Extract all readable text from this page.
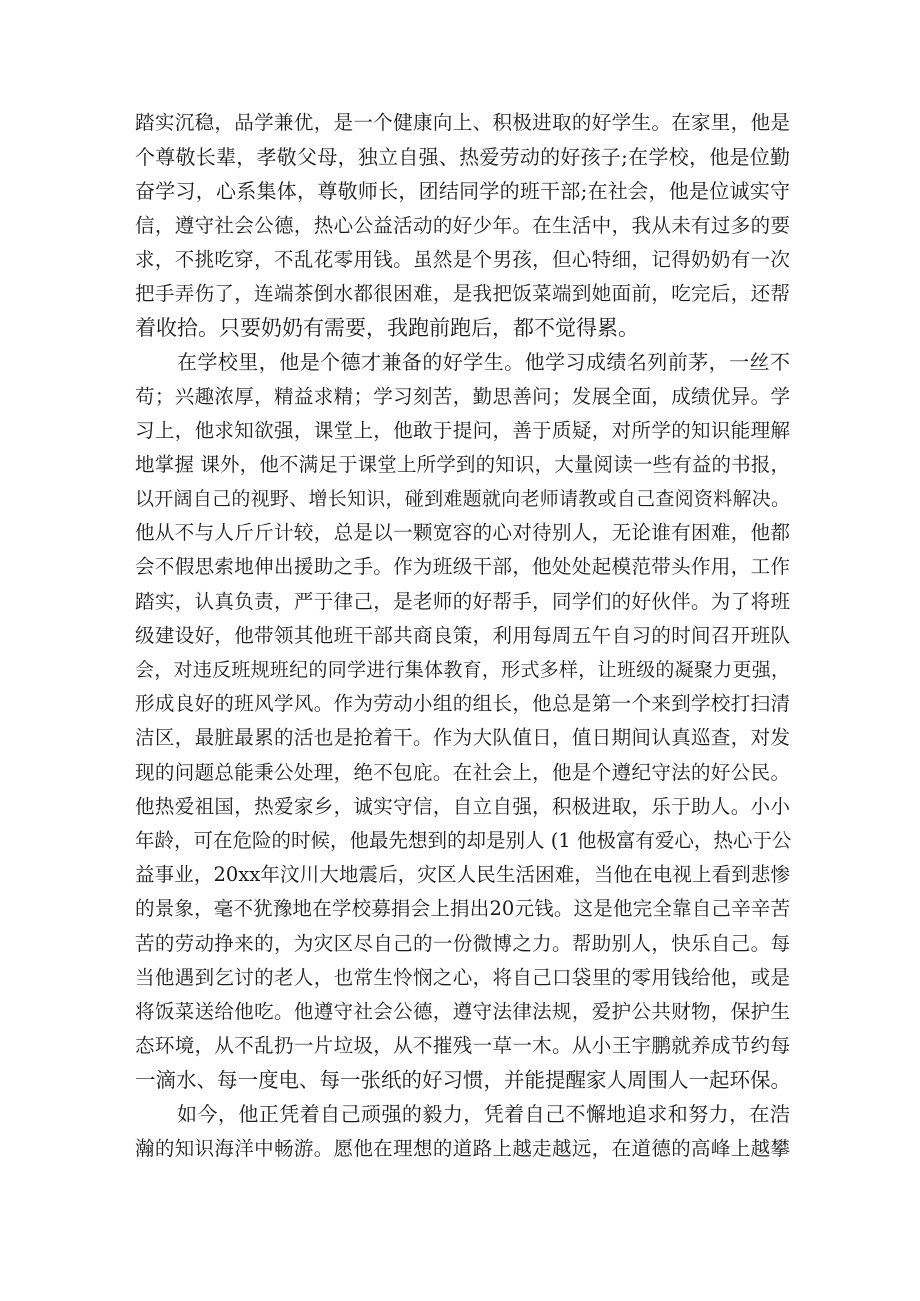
踏实沉稳，品学兼优，是一个健康向上、积极进取的好学生。在家里，他是
个尊敬长辈，孝敬父母，独立自强、热爱劳动的好孩子;在学校，他是位勤
奋学习，心系集体，尊敬师长，团结同学的班干部;在社会，他是位诚实守
信，遵守社会公德，热心公益活动的好少年。在生活中，我从未有过多的要
求，不挑吃穿，不乱花零用钱。虽然是个男孩，但心特细，记得奶奶有一次
把手弄伤了，连端茶倒水都很困难，是我把饭菜端到她面前，吃完后，还帮
着收拾。只要奶奶有需要，我跑前跑后，都不觉得累。
在学校里，他是个德才兼备的好学生。他学习成绩名列前茅，一丝不
苟；兴趣浓厚，精益求精；学习刻苦，勤思善问；发展全面，成绩优异。学
习上，他求知欲强，课堂上，他敢于提问，善于质疑，对所学的知识能理解
地掌握 课外，他不满足于课堂上所学到的知识，大量阅读一些有益的书报，
以开阔自己的视野、增长知识，碰到难题就向老师请教或自己查阅资料解决。
他从不与人斤斤计较，总是以一颗宽容的心对待别人，无论谁有困难，他都
会不假思索地伸出援助之手。作为班级干部，他处处起模范带头作用，工作
踏实，认真负责，严于律己，是老师的好帮手，同学们的好伙伴。为了将班
级建设好，他带领其他班干部共商良策，利用每周五午自习的时间召开班队
会，对违反班规班纪的同学进行集体教育，形式多样，让班级的凝聚力更强，
形成良好的班风学风。作为劳动小组的组长，他总是第一个来到学校打扫清
洁区，最脏最累的活也是抢着干。作为大队值日，值日期间认真巡查，对发
现的问题总能秉公处理，绝不包庇。在社会上，他是个遵纪守法的好公民。
他热爱祖国，热爱家乡，诚实守信，自立自强，积极进取，乐于助人。小小
年龄，可在危险的时候，他最先想到的却是别人 (1 他极富有爱心，热心于公
益事业，20xx年汶川大地震后，灾区人民生活困难，当他在电视上看到悲惨
的景象，毫不犹豫地在学校募捐会上捐出20元钱。这是他完全靠自己辛辛苦
苦的劳动挣来的，为灾区尽自己的一份微博之力。帮助别人，快乐自己。每
当他遇到乞讨的老人，也常生怜悯之心，将自己口袋里的零用钱给他，或是
将饭菜送给他吃。他遵守社会公德，遵守法律法规，爱护公共财物，保护生
态环境，从不乱扔一片垃圾，从不摧残一草一木。从小王宇鹏就养成节约每
一滴水、每一度电、每一张纸的好习惯，并能提醒家人周围人一起环保。
如今，他正凭着自己顽强的毅力，凭着自己不懈地追求和努力，在浩
瀚的知识海洋中畅游。愿他在理想的道路上越走越远，在道德的高峰上越攀
